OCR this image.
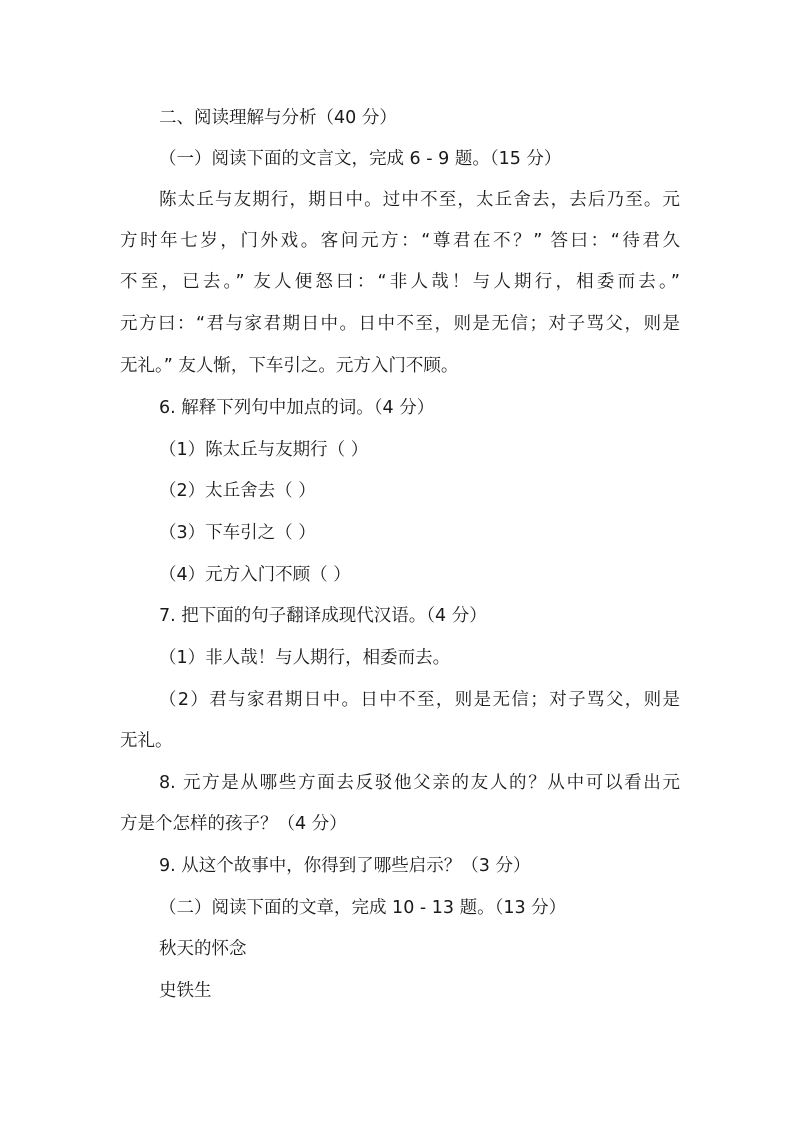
二、阅读理解与分析（40 分）
（一）阅读下面的文言文，完成 6 - 9 题。（15 分）
陈太丘与友期行，期日中。过中不至，太丘舍去，去后乃至。元
方时年七岁，门外戏。客问元方：“尊君在不？” 答曰：“待君久
不至，已去。” 友人便怒曰：“非人哉！与人期行，相委而去。”
元方曰：“君与家君期日中。日中不至，则是无信；对子骂父，则是
无礼。” 友人惭，下车引之。元方入门不顾。
6. 解释下列句中加点的词。（4 分）
（1）陈太丘与友期行（ ）
（2）太丘舍去（ ）
（3）下车引之（ ）
（4）元方入门不顾（ ）
7. 把下面的句子翻译成现代汉语。（4 分）
（1）非人哉！与人期行，相委而去。
（2）君与家君期日中。日中不至，则是无信；对子骂父，则是
无礼。
8. 元方是从哪些方面去反驳他父亲的友人的？从中可以看出元
方是个怎样的孩子？（4 分）
9. 从这个故事中，你得到了哪些启示？（3 分）
（二）阅读下面的文章，完成 10 - 13 题。（13 分）
秋天的怀念
史铁生
